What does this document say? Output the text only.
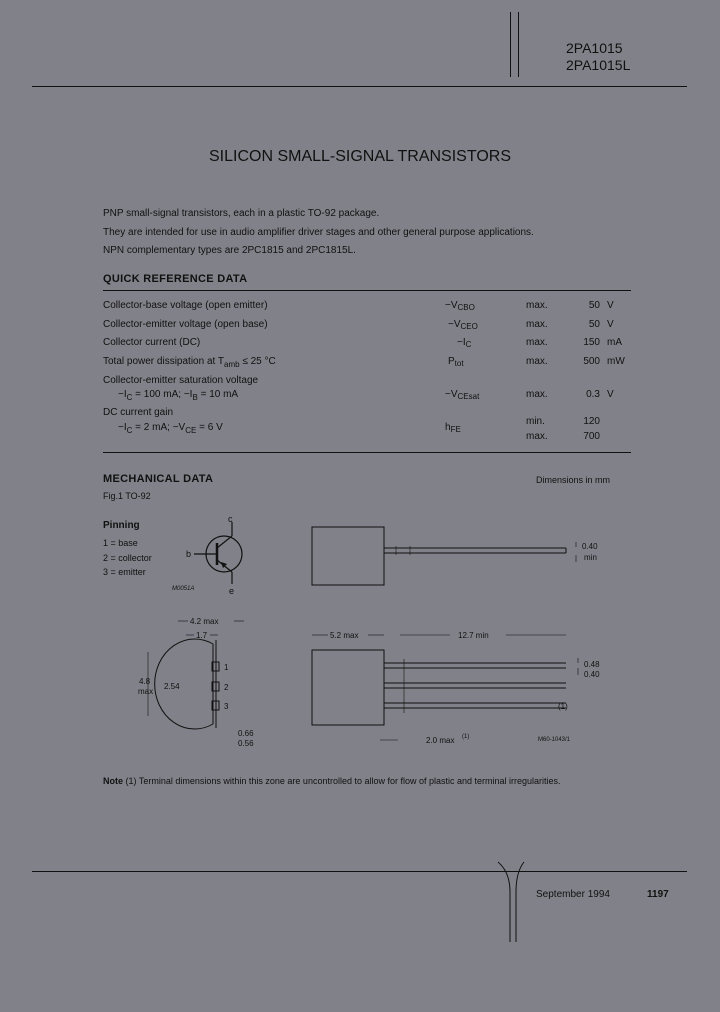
2PA1015
2PA1015L
SILICON SMALL-SIGNAL TRANSISTORS
PNP small-signal transistors, each in a plastic TO-92 package.
They are intended for use in audio amplifier driver stages and other general purpose applications.
NPN complementary types are 2PC1815 and 2PC1815L.
QUICK REFERENCE DATA
Collector-base voltage (open emitter)	$-V_{CBO}$	max.	50 V
Collector-emitter voltage (open base)	$-V_{CEO}$	max.	50 V
Collector current (DC)	$-I_C$	max.	150 mA
Total power dissipation at $T_{amb} \le 25$ °C	$P_{tot}$	max.	500 mW
Collector-emitter saturation voltage
$-I_C = 100$ mA; $-I_B = 10$ mA	$-V_{CEsat}$	max.	0.3 V
DC current gain
$-I_C = 2$ mA; $-V_{CE} = 6$ V	$h_{FE}$
min.	120
max.	700
MECHANICAL DATA	Dimensions in mm
Fig.1 TO-92
Pinning
1 = base
2 = collector
3 = emitter
b
c
e
M0051A
0.40
min
4.2 max
1.7
1
2
3
4.8
max
2.54
0.66
0.56
5.2 max	12.7 min
0.48
0.40
(1)
2.0 max (1)	M60-1043/1
Note (1) Terminal dimensions within this zone are uncontrolled to allow for flow of plastic and terminal irregularities.
September 1994	1197
